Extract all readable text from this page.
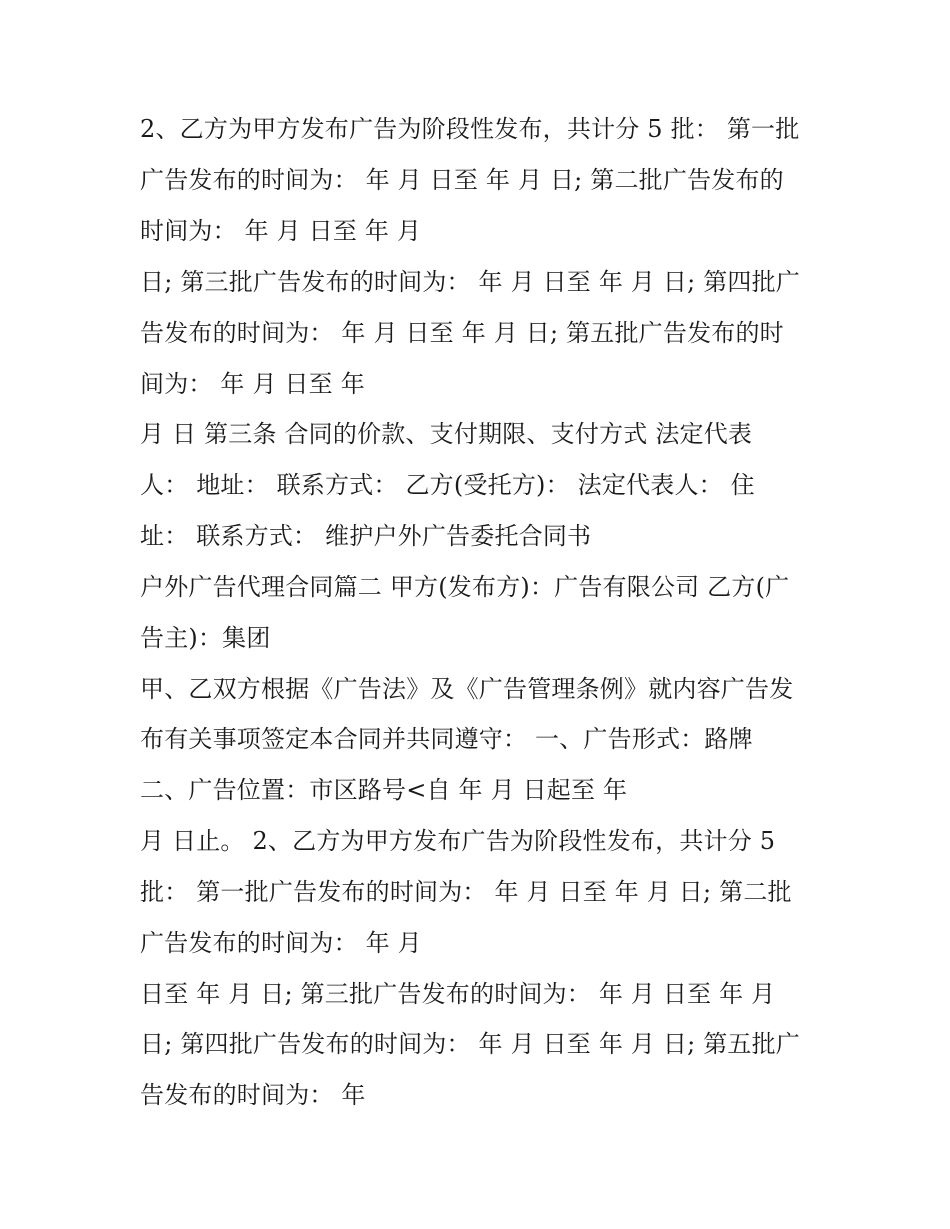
2、乙方为甲方发布广告为阶段性发布，共计分 5 批： 第一批
广告发布的时间为： 年 月 日至 年 月 日; 第二批广告发布的
时间为： 年 月 日至 年 月
日; 第三批广告发布的时间为： 年 月 日至 年 月 日; 第四批广
告发布的时间为： 年 月 日至 年 月 日; 第五批广告发布的时
间为： 年 月 日至 年
月 日 第三条 合同的价款、支付期限、支付方式 法定代表
人： 地址： 联系方式： 乙方(受托方)： 法定代表人： 住
址： 联系方式： 维护户外广告委托合同书
户外广告代理合同篇二 甲方(发布方)：广告有限公司 乙方(广
告主)：集团
甲、乙双方根据《广告法》及《广告管理条例》就内容广告发
布有关事项签定本合同并共同遵守： 一、广告形式：路牌
二、广告位置：市区路号<自 年 月 日起至 年
月 日止。 2、乙方为甲方发布广告为阶段性发布，共计分 5
批： 第一批广告发布的时间为： 年 月 日至 年 月 日; 第二批
广告发布的时间为： 年 月
日至 年 月 日; 第三批广告发布的时间为： 年 月 日至 年 月
日; 第四批广告发布的时间为： 年 月 日至 年 月 日; 第五批广
告发布的时间为： 年
